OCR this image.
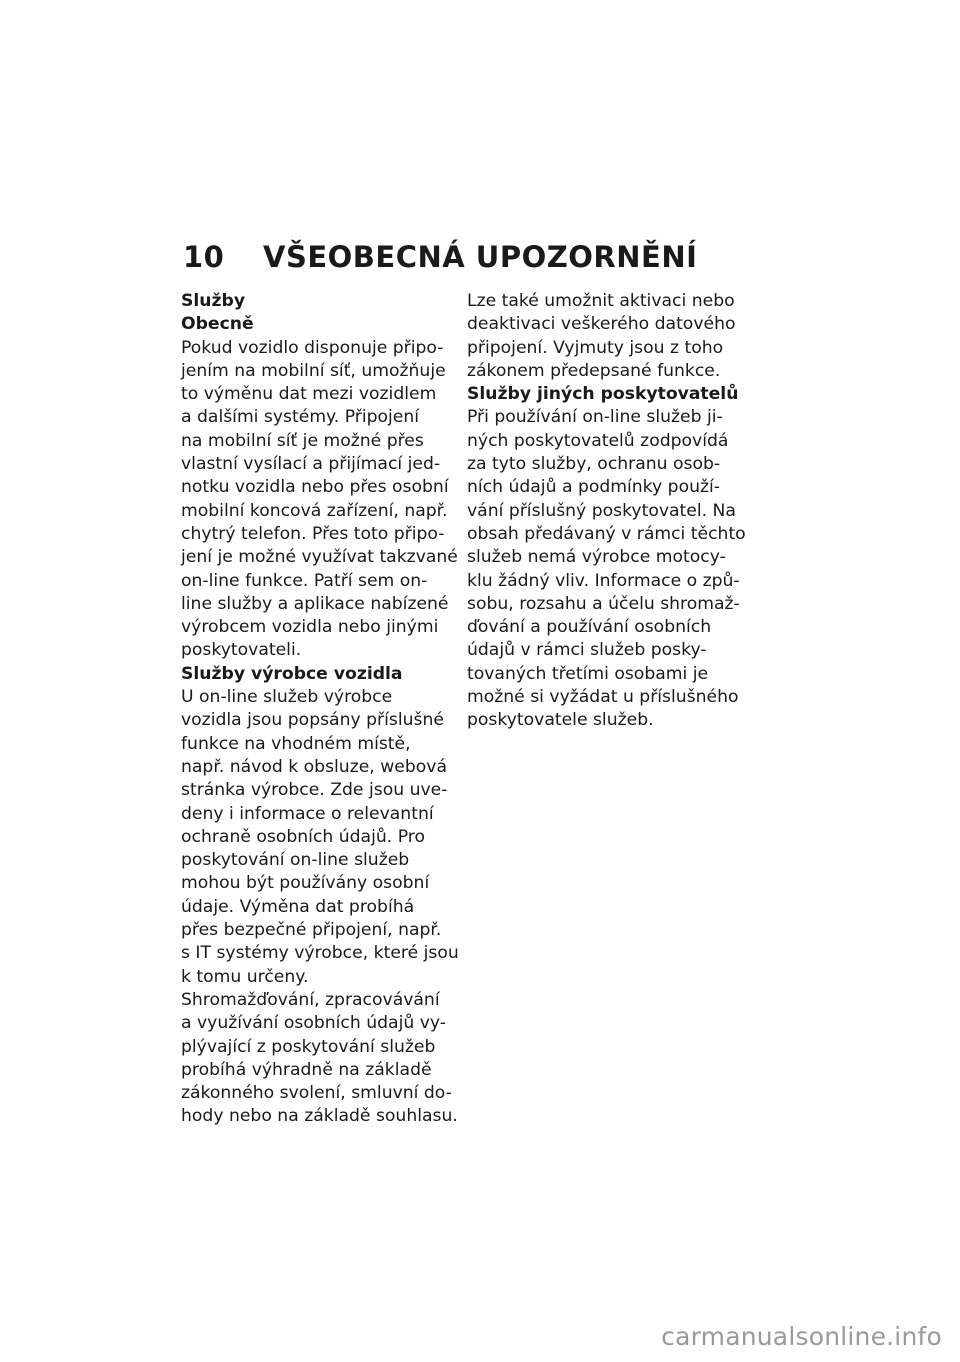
10	VŠEOBECNÁ UPOZORNĚNÍ
Služby
Obecně

Pokud vozidlo disponuje připo-
jením na mobilní síť, umožňuje
to výměnu dat mezi vozidlem
a dalšími systémy. Připojení
na mobilní síť je možné přes
vlastní vysílací a přijímací jed-
notku vozidla nebo přes osobní
mobilní koncová zařízení, např.
chytrý telefon. Přes toto připo-
jení je možné využívat takzvané
on-line funkce. Patří sem on-
line služby a aplikace nabízené
výrobcem vozidla nebo jinými
poskytovateli.

Služby výrobce vozidla

U on-line služeb výrobce
vozidla jsou popsány příslušné
funkce na vhodném místě,
např. návod k obsluze, webová
stránka výrobce. Zde jsou uve-
deny i informace o relevantní
ochraně osobních údajů. Pro
poskytování on-line služeb
mohou být používány osobní
údaje. Výměna dat probíhá
přes bezpečné připojení, např.
s IT systémy výrobce, které jsou
k tomu určeny.

Shromažďování, zpracovávání
a využívání osobních údajů vy-
plývající z poskytování služeb
probíhá výhradně na základě
zákonného svolení, smluvní do-
hody nebo na základě souhlasu.

Lze také umožnit aktivaci nebo
deaktivaci veškerého datového
připojení. Vyjmuty jsou z toho
zákonem předepsané funkce.

Služby jiných poskytovatelů

Při používání on-line služeb ji-
ných poskytovatelů zodpovídá
za tyto služby, ochranu osob-
ních údajů a podmínky použí-
vání příslušný poskytovatel. Na
obsah předávaný v rámci těchto
služeb nemá výrobce motocy-
klu žádný vliv. Informace o způ-
sobu, rozsahu a účelu shromaž-
ďování a používání osobních
údajů v rámci služeb posky-
tovaných třetími osobami je
možné si vyžádat u příslušného
poskytovatele služeb.

carmanualsonline.info
